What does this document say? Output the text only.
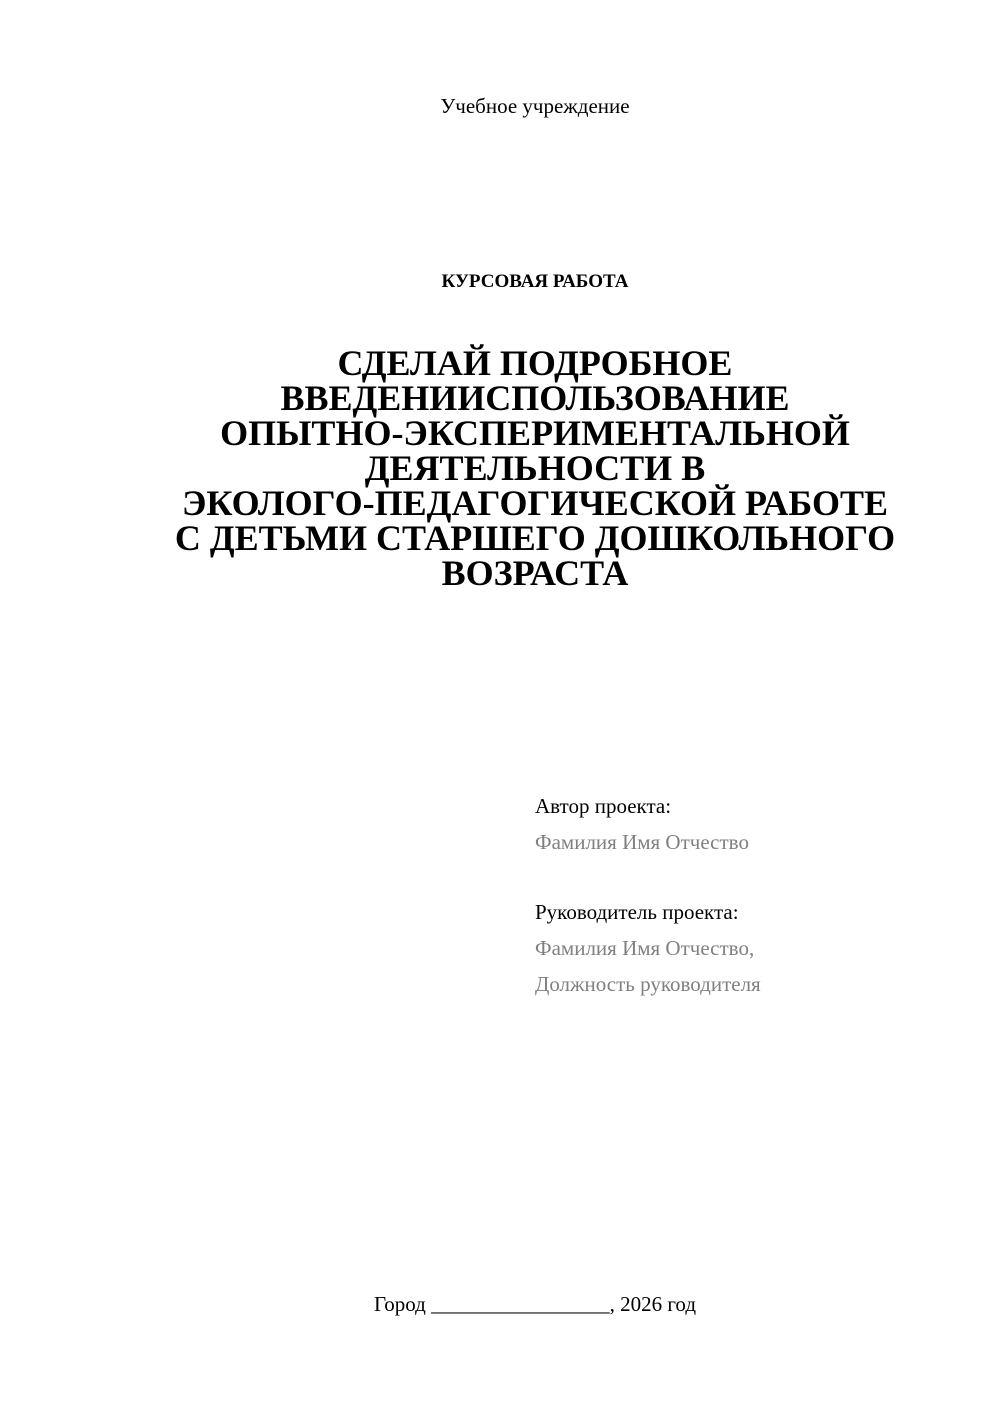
Учебное учреждение
КУРСОВАЯ РАБОТА
СДЕЛАЙ ПОДРОБНОЕ
ВВЕДЕНИИСПОЛЬЗОВАНИЕ
ОПЫТНО-ЭКСПЕРИМЕНТАЛЬНОЙ
ДЕЯТЕЛЬНОСТИ В
ЭКОЛОГО-ПЕДАГОГИЧЕСКОЙ РАБОТЕ
С ДЕТЬМИ СТАРШЕГО ДОШКОЛЬНОГО
ВОЗРАСТА
Автор проекта:
Фамилия Имя Отчество
Руководитель проекта:
Фамилия Имя Отчество,
Должность руководителя
Город _________________, 2026 год
